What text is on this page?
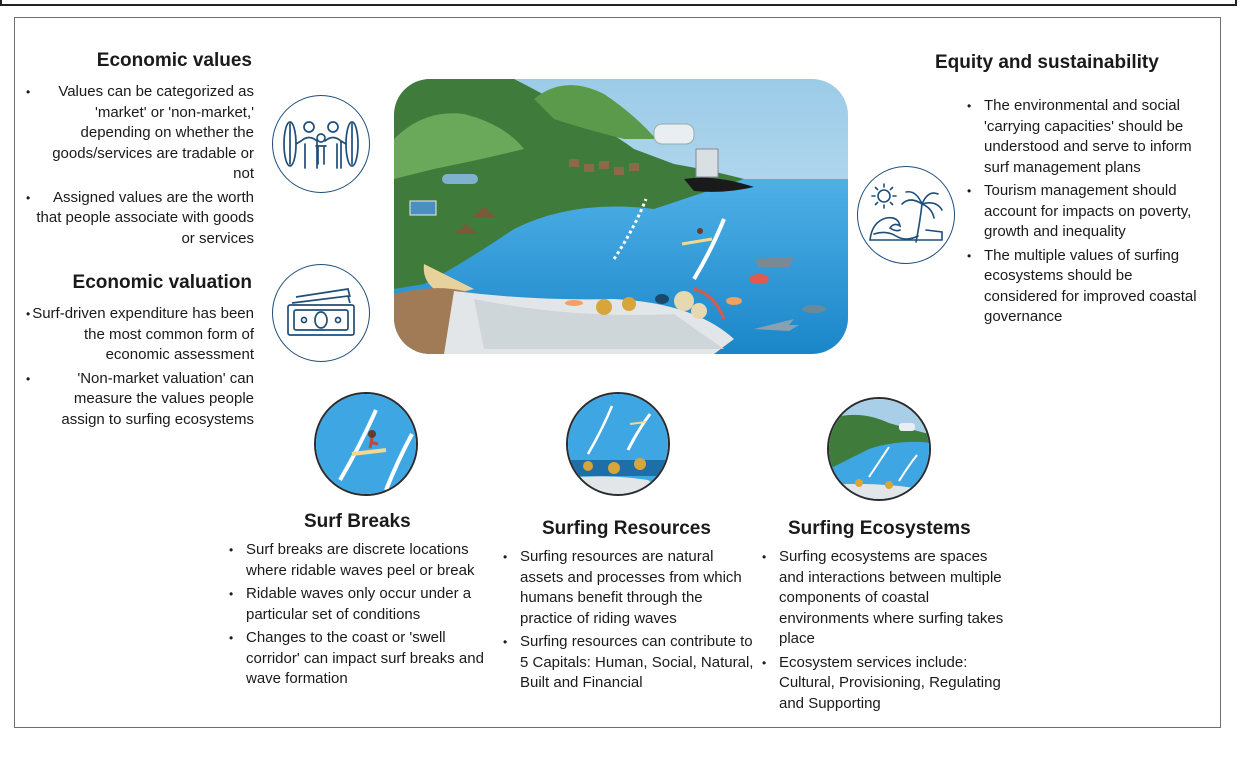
Economic values
• Values can be categorized as 'market' or 'non-market,' depending on whether the goods/services are tradable or not
• Assigned values are the worth that people associate with goods or services
Economic valuation
• Surf-driven expenditure has been the most common form of economic assessment
• 'Non-market valuation' can measure the values people assign to surfing ecosystems
Equity and sustainability
• The environmental and social 'carrying capacities' should be understood and serve to inform surf management plans
• Tourism management should account for impacts on poverty, growth and inequality
• The multiple values of surfing ecosystems should be considered for improved coastal governance
Surf Breaks
• Surf breaks are discrete locations where ridable waves peel or break
• Ridable waves only occur under a particular set of conditions
• Changes to the coast or 'swell corridor' can impact surf breaks and wave formation
Surfing Resources
• Surfing resources are natural assets and processes from which humans benefit through the practice of riding waves
• Surfing resources can contribute to 5 Capitals: Human, Social, Natural, Built and Financial
Surfing Ecosystems
• Surfing ecosystems are spaces and interactions between multiple components of coastal environments where surfing takes place
• Ecosystem services include: Cultural, Provisioning, Regulating and Supporting
